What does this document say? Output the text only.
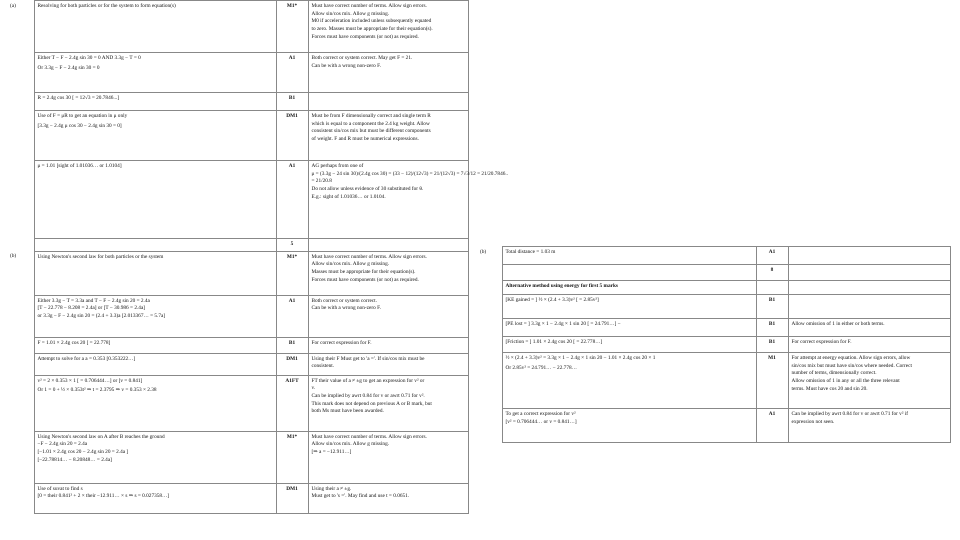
(a)	Resolving for both particles or for the system to form equation(s)	M1*	Must have correct number of terms. Allow sign errors.
Allow sin/cos mix. Allow g missing.
M0 if acceleration included unless subsequently equated
to zero. Masses must be appropriate for their equation(s).
Forces must have components (or not) as required.

	Either T − F − 2.4g sin 30 = 0 AND 3.3g − T = 0
Or 3.3g − F − 2.4g sin 30 = 0	A1	Both correct or system correct. May get F = 21.
Can be with a wrong non-zero F.

	R = 2.4g cos 30 [ = 12√3 = 20.7846...]	B1	

	Use of F = μR to get an equation in μ only
[3.3g − 2.4g μ cos 30 − 2.4g sin 30 = 0]	DM1	Must be from F dimensionally correct and single term R
which is equal to a component the 2.4 kg weight. Allow
consistent sin/cos mix but must be different components
of weight. F and R must be numerical expressions.

	μ = 1.01 [sight of 1.01036… or 1.0104]	A1	AG perhaps from one of
μ = (3.3g − 24 sin 30)/(2.4g cos 30) = (33 − 12)/(12√3) = 21/(12√3) = 7√3/12 = 21/20.7846..
= 21/20.8
Do not allow unless evidence of 30 substituted for θ.
E.g.: sight of 1.01036… or 1.0104.

	5	
(b)	Using Newton's second law for both particles or the system	M1*	Must have correct number of terms. Allow sign errors.
Allow sin/cos mix. Allow g missing.
Masses must be appropriate for their equation(s).
Forces must have components (or not) as required.

	Either 3.3g − T = 3.3a and T − F − 2.4g sin 20 = 2.4a
[T − 22.778 − 8.208 = 2.4a] or [T − 30.986 = 2.4a]
or 3.3g − F − 2.4g sin 20 = (2.4 + 3.3)a [2.013367… = 5.7a]	A1	Both correct or system correct.
Can be with a wrong non-zero F.

	F = 1.01 × 2.4g cos 20 [ = 22.778]	B1	For correct expression for F.

	Attempt to solve for a a = 0.353 [0.353222…]	DM1	Using their F Must get to 'a ='. If sin/cos mix must be
consistent.

	v² = 2 × 0.353 × 1 [ = 0.706444…] or [v = 0.841]
Or 1 = 0 + ½ × 0.353t² ⇒ t = 2.3795 ⇒ v = 0.353 × 2.38	A1FT	FT their value of a ≠ ±g to get an expression for v² or
v.
Can be implied by awrt 0.84 for v or awrt 0.71 for v².
This mark does not depend on previous A or B mark, but
both Ms must have been awarded.

	Using Newton's second law on A after B reaches the ground
−F − 2.4g sin 20 = 2.4a
[−1.01 × 2.4g cos 20 − 2.4g sin 20 = 2.4a ]
[−22.78814… − 8.20848… = 2.4a]	M1*	Must have correct number of terms. Allow sign errors.
Allow sin/cos mix. Allow g missing.
[⇒ a = −12.911…]

	Use of suvat to find s
[0 = their 0.841² + 2 × their −12.911… × s ⇒ s = 0.027358…]	DM1	Using their a ≠ ±g.
Must get to 's ='. May find and use t = 0.0651.
(b)	Total distance = 1.03 m	A1	

	8	

	Alternative method using energy for first 5 marks		

	[KE gained = ] ½ × (2.4 + 3.3)v² [ = 2.85v²]	B1	

	[PE lost = ] 3.3g × 1 − 2.4g × 1 sin 20 [ = 24.791…] −	B1	Allow omission of 1 in either or both terms.

	[Friction = ] 1.01 × 2.4g cos 20 [ = 22.778…]	B1	For correct expression for F.

	½ × (2.4 + 3.3)v² = 3.3g × 1 − 2.4g × 1 sin 20 − 1.01 × 2.4g cos 20 × 1
Or 2.85v² = 24.791… − 22.778…	M1	For attempt at energy equation. Allow sign errors, allow
sin/cos mix but must have sin/cos where needed. Correct
number of terms, dimensionally correct.
Allow omission of 1 in any or all the three relevant
terms. Must have cos 20 and sin 20.

	To get a correct expression for v²
[v² = 0.706444… or v = 0.841…]	A1	Can be implied by awrt 0.84 for v or awrt 0.71 for v² if
expression not seen.
